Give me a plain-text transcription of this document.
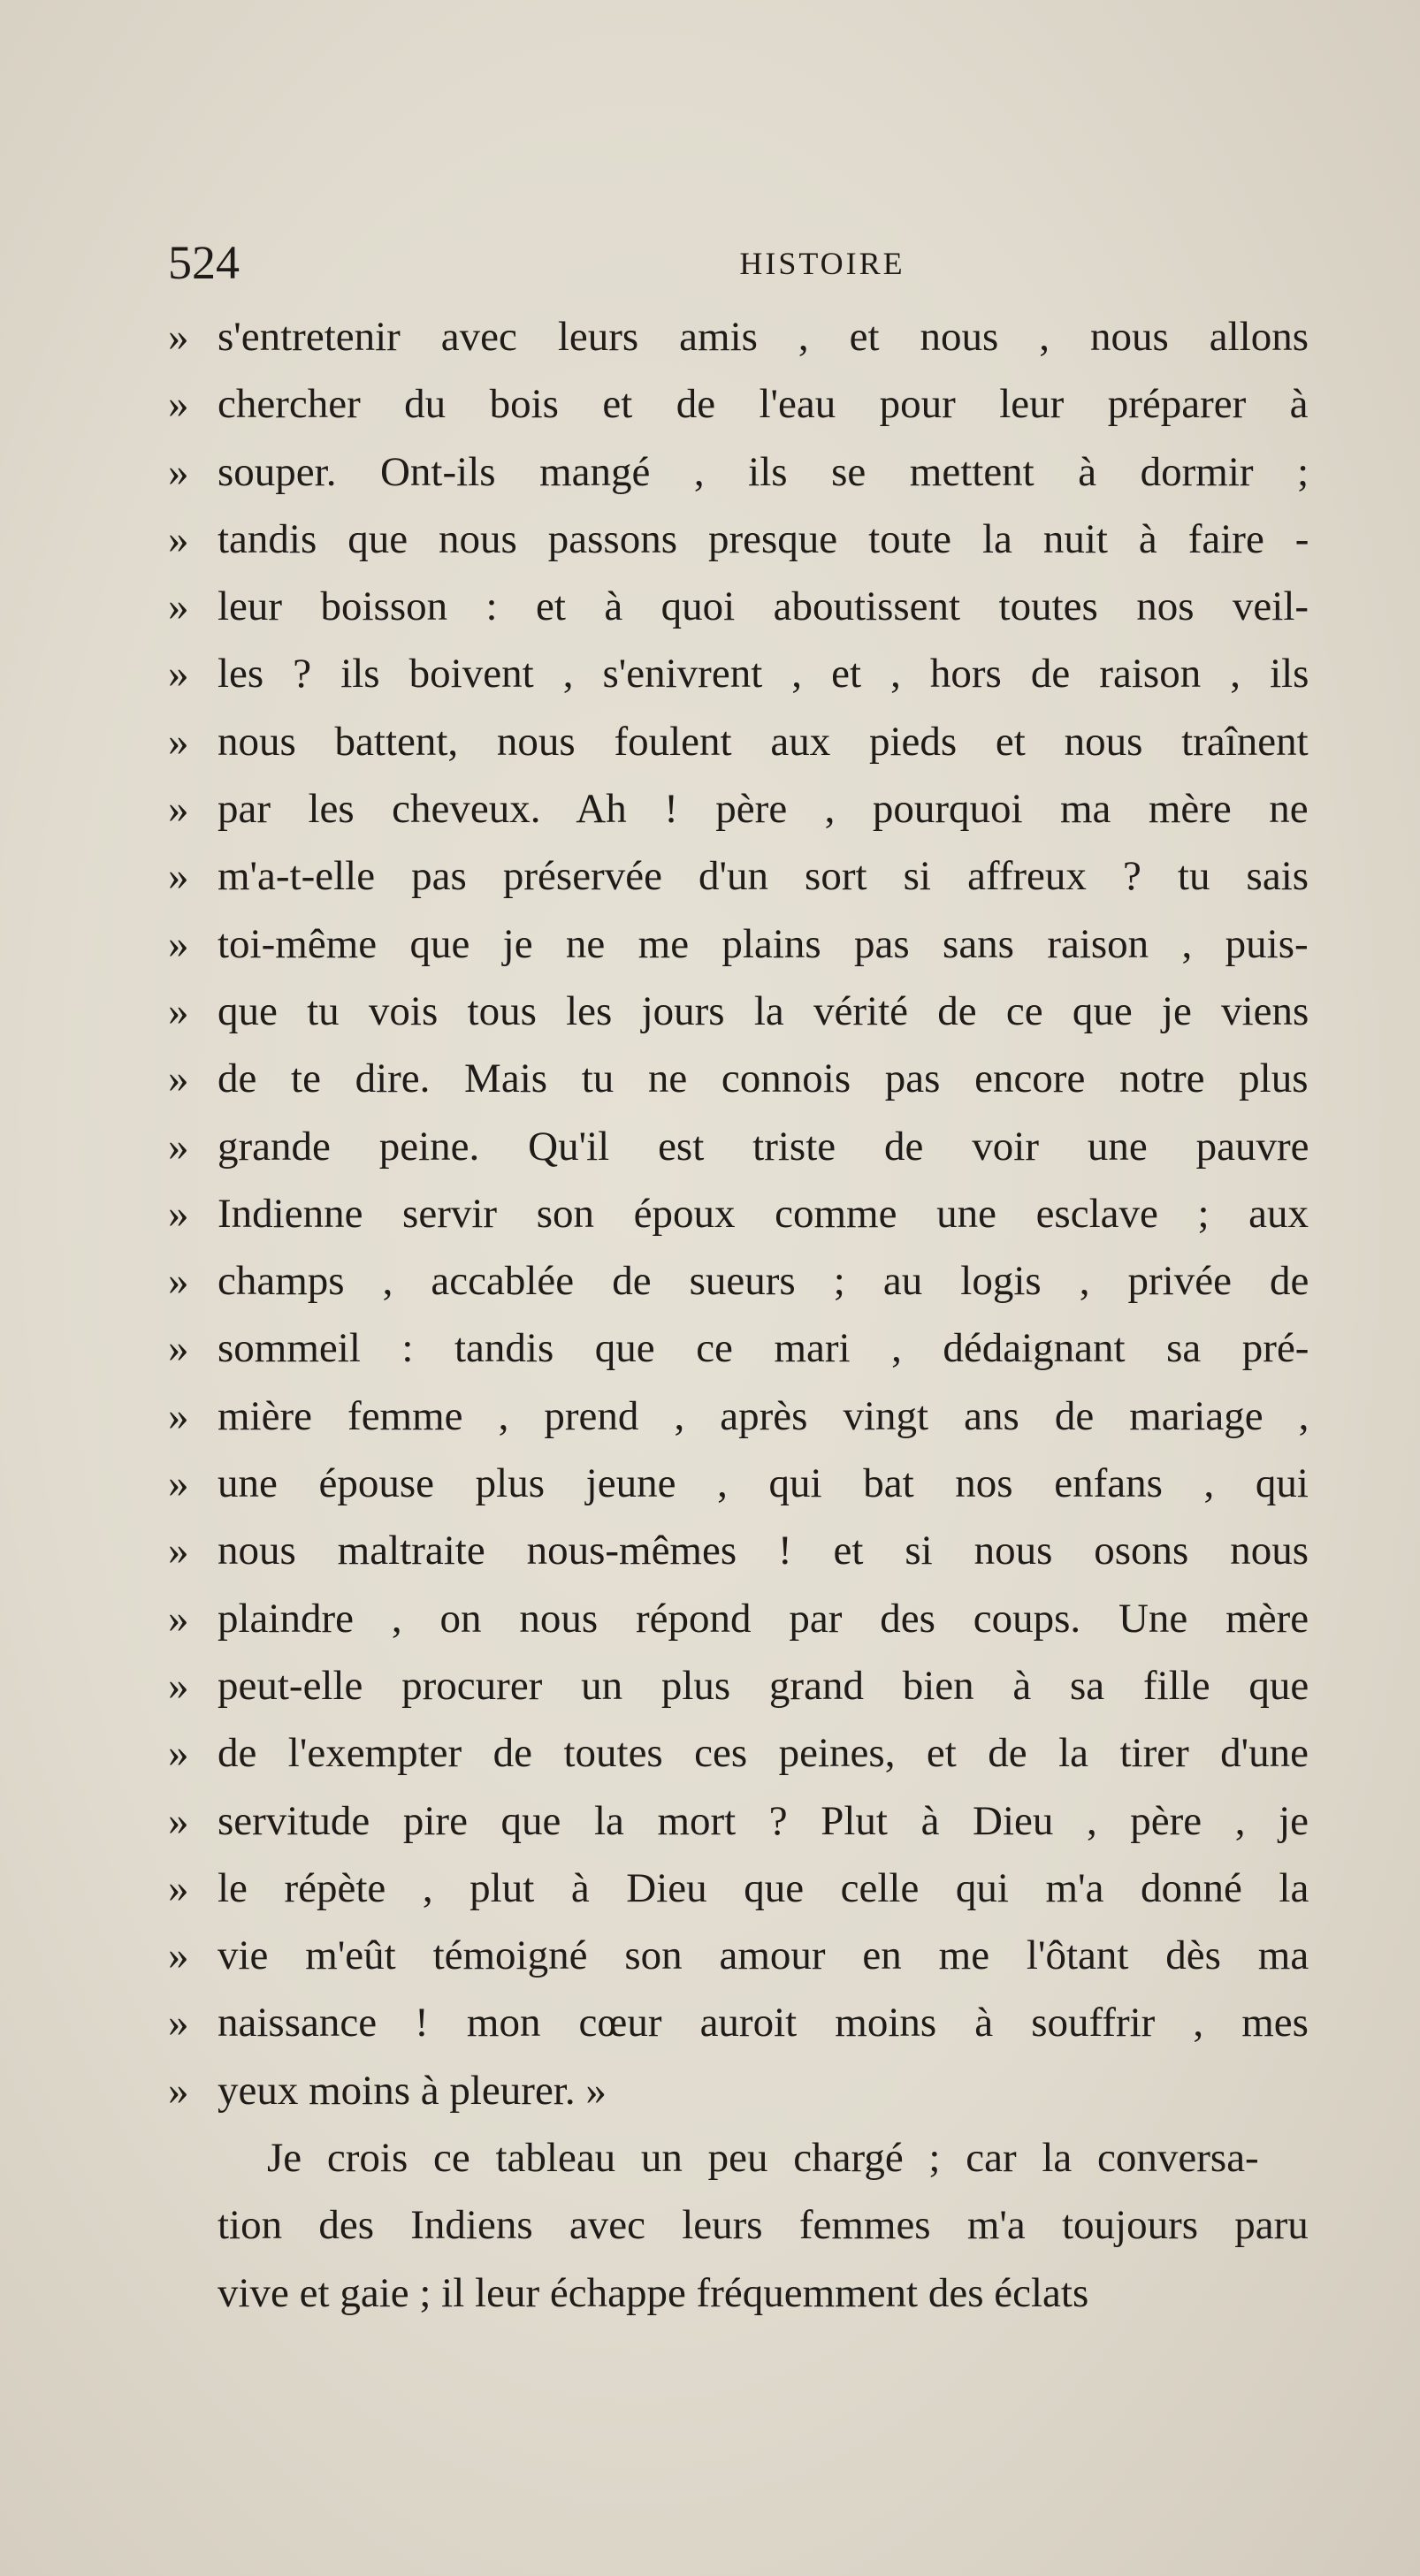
524	HISTOIRE
» s'entretenir avec leurs amis , et nous , nous allons
» chercher du bois et de l'eau pour leur préparer à
» souper. Ont-ils mangé , ils se mettent à dormir ;
» tandis que nous passons presque toute la nuit à faire -
» leur boisson : et à quoi aboutissent toutes nos veil-
» les ? ils boivent , s'enivrent , et , hors de raison , ils
» nous battent, nous foulent aux pieds et nous traînent
» par les cheveux. Ah ! père , pourquoi ma mère ne
» m'a-t-elle pas préservée d'un sort si affreux ? tu sais
» toi-même que je ne me plains pas sans raison , puis-
» que tu vois tous les jours la vérité de ce que je viens
» de te dire. Mais tu ne connois pas encore notre plus
» grande peine. Qu'il est triste de voir une pauvre
» Indienne servir son époux comme une esclave ; aux
» champs , accablée de sueurs ; au logis , privée de
» sommeil : tandis que ce mari , dédaignant sa pré-
» mière femme , prend , après vingt ans de mariage ,
» une épouse plus jeune , qui bat nos enfans , qui
» nous maltraite nous-mêmes ! et si nous osons nous
» plaindre , on nous répond par des coups. Une mère
» peut-elle procurer un plus grand bien à sa fille que
» de l'exempter de toutes ces peines, et de la tirer d'une
» servitude pire que la mort ? Plut à Dieu , père , je
» le répète , plut à Dieu que celle qui m'a donné la
» vie m'eût témoigné son amour en me l'ôtant dès ma
» naissance ! mon cœur auroit moins à souffrir , mes
» yeux moins à pleurer. »
Je crois ce tableau un peu chargé ; car la conversa-
tion des Indiens avec leurs femmes m'a toujours paru
vive et gaie ; il leur échappe fréquemment des éclats
